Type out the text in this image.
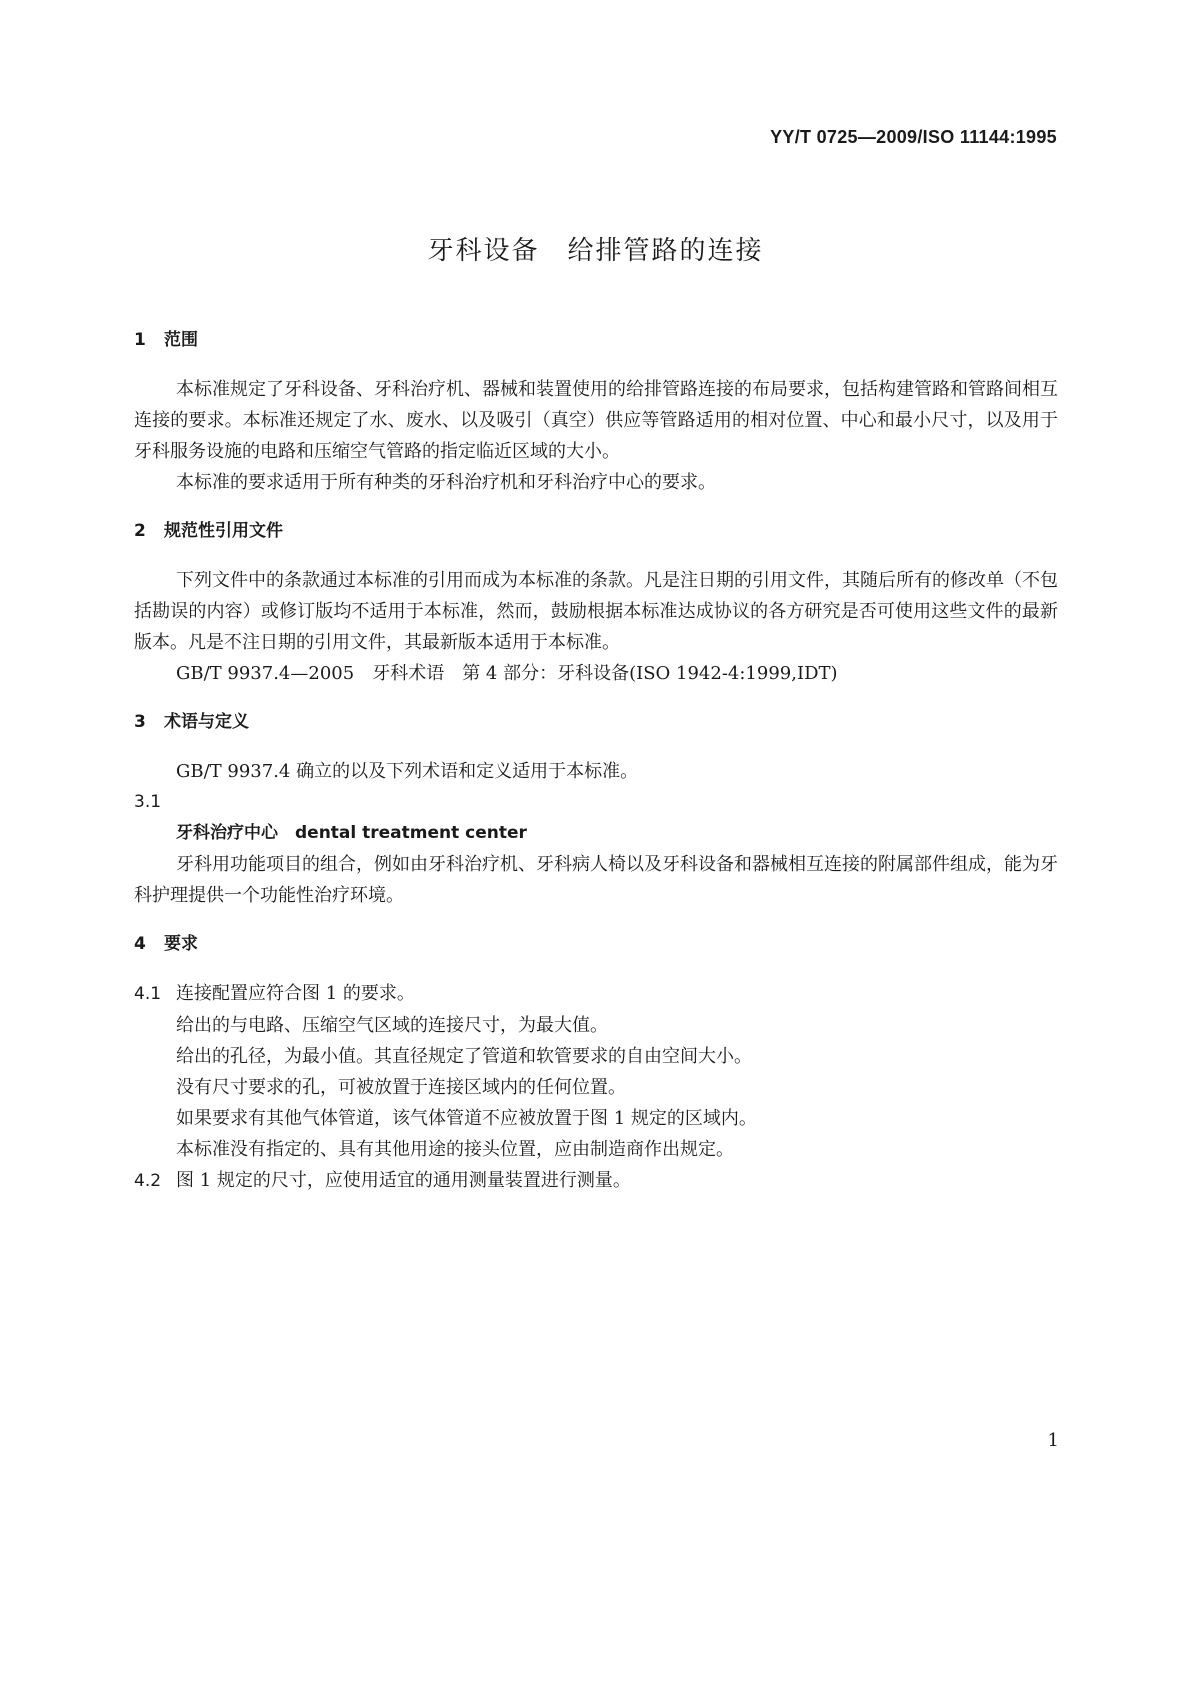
YY/T 0725—2009/ISO 11144:1995
牙科设备　给排管路的连接
1 范围

本标准规定了牙科设备、牙科治疗机、器械和装置使用的给排管路连接的布局要求，包括构建管路和管路间相互连接的要求。本标准还规定了水、废水、以及吸引（真空）供应等管路适用的相对位置、中心和最小尺寸，以及用于牙科服务设施的电路和压缩空气管路的指定临近区域的大小。

本标准的要求适用于所有种类的牙科治疗机和牙科治疗中心的要求。

2 规范性引用文件

下列文件中的条款通过本标准的引用而成为本标准的条款。凡是注日期的引用文件，其随后所有的修改单（不包括勘误的内容）或修订版均不适用于本标准，然而，鼓励根据本标准达成协议的各方研究是否可使用这些文件的最新版本。凡是不注日期的引用文件，其最新版本适用于本标准。

GB/T 9937.4—2005　牙科术语　第 4 部分：牙科设备(ISO 1942-4:1999,IDT)

3 术语与定义

GB/T 9937.4 确立的以及下列术语和定义适用于本标准。

3.1

牙科治疗中心　dental treatment center

牙科用功能项目的组合，例如由牙科治疗机、牙科病人椅以及牙科设备和器械相互连接的附属部件组成，能为牙科护理提供一个功能性治疗环境。

4 要求

4.1 连接配置应符合图 1 的要求。

给出的与电路、压缩空气区域的连接尺寸，为最大值。

给出的孔径，为最小值。其直径规定了管道和软管要求的自由空间大小。

没有尺寸要求的孔，可被放置于连接区域内的任何位置。

如果要求有其他气体管道，该气体管道不应被放置于图 1 规定的区域内。

本标准没有指定的、具有其他用途的接头位置，应由制造商作出规定。

4.2 图 1 规定的尺寸，应使用适宜的通用测量装置进行测量。

1
